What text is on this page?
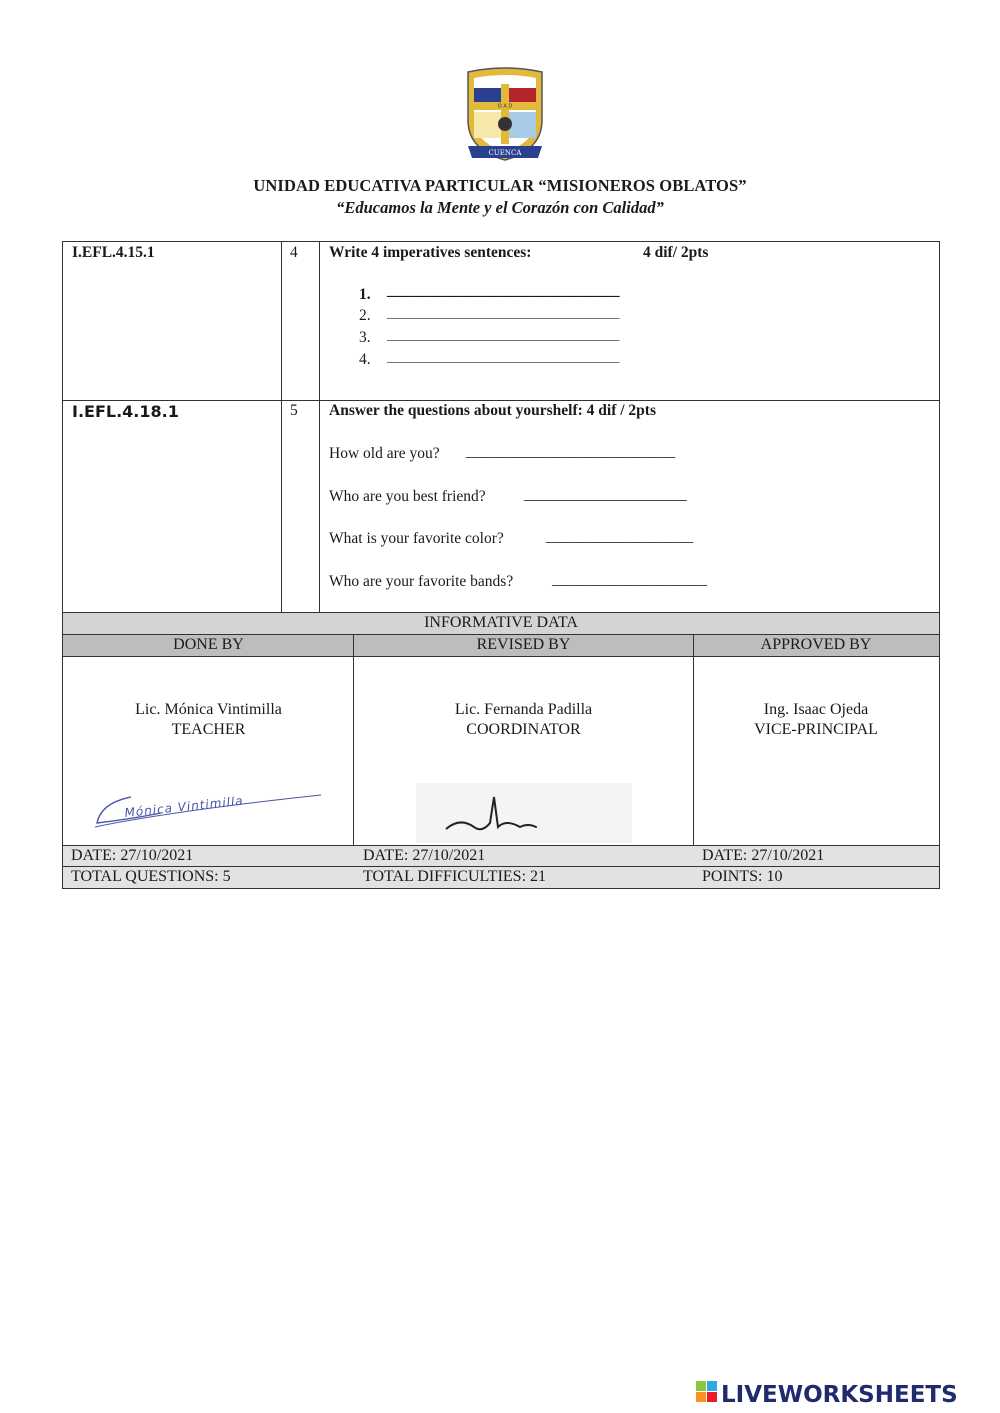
O A D
CUENCA
UNIDAD EDUCATIVA PARTICULAR “MISIONEROS OBLATOS”
“Educamos la Mente y el Corazón con Calidad”
I.EFL.4.15.1	4 Write 4 imperatives sentences:	4 dif/ 2pts
1. ______________________________
2. ______________________________
3. ______________________________
4. ______________________________
I.EFL.4.18.1	5 Answer the questions about yourshelf: 4 dif / 2pts
How old are you? ___________________________
Who are you best friend? _____________________
What is your favorite color?	___________________
Who are your favorite bands?	____________________
INFORMATIVE DATA
DONE BY	REVISED BY	APPROVED BY
Lic. Mónica Vintimilla
TEACHER
Lic. Fernanda Padilla
COORDINATOR
Ing. Isaac Ojeda
VICE-PRINCIPAL
Mónica Vintimilla
DATE: 27/10/2021	DATE: 27/10/2021	DATE: 27/10/2021
TOTAL QUESTIONS: 5	TOTAL DIFFICULTIES: 21	POINTS: 10
LIVEWORKSHEETS
